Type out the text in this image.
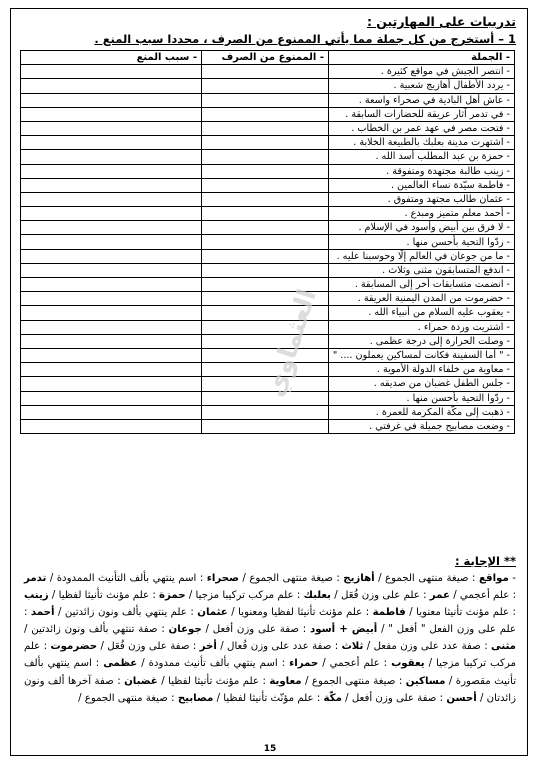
تدريبات على المهارتين :
1 – أستخرج من كل جملة مما يأتي الممنوع من الصرف ، محددا سبب المنع .
- الجملة	- الممنوع من الصرف	- سبب المنع
- انتصر الجيش في مواقع كثيرة .		
- يردد الأطفال أهازيج شعبية .		
- عاش أهل البادية في صحراء واسعة .		
- في تدمر آثار عريقة للحضارات السابقة .		
- فتحت مصر في عهد عمر بن الخطاب .		
- اشتهرت مدينة بعلبك بالطبيعة الخلابة .		
- حمزة بن عبد المطلب أسد الله .		
- زينب طالبة مجتهدة ومتفوقة .		
- فاطمة سيّدة نساء العالمين .		
- عثمان طالب مجتهد ومتفوق .		
- أحمد معلم متميز ومبدع .		
- لا فرق بين أبيض وأسود في الإسلام .		
- ردّوا التحية بأحسن منها .		
- ما من جوعان في العالم إلّا وحوسبنا عليه .		
- اندفع المتسابقون مثنى وثلاث .		
- انضمت متسابقات أخر إلى المسابقة .		
- حضرموت من المدن اليمنية العريقة .		
- يعقوب عليه السلام من أنبياء الله .		
- اشتريت وردة حمراء .		
- وصلت الحرارة إلى درجة عظمى .		
- " أما السفينة فكانت لمساكين يعملون .... "		
- معاوية من خلفاء الدولة الأموية .		
- جلس الطفل غضبان من صديقه .		
- ردّوا التحية بأحسن منها .		
- ذهبت إلى مكّة المكرمة للعمرة .		
- وضعت مصابيح جميلة في غرفتي .		
العثماوي
** الإجابة :
- مواقع : صيغة منتهى الجموع / أهازيج : صيغة منتهى الجموع / صحراء : اسم ينتهي بألف التأنيث الممدودة / تدمر : علم أعجمي / عمر : علم على وزن فُعَل / بعلبك : علم مركب تركيبا مزجيا / حمزة : علم مؤنث تأنيثا لفظيا / زينب : علم مؤنث تأنيثا معنويا / فاطمة : علم مؤنث تأنيثا لفظيا ومعنويا / عثمان : علم ينتهي بألف ونون زائدتين / أحمد : علم على وزن الفعل " أفعل " / أبيض + أسود : صفة على وزن أفعل / جوعان : صفة تنتهي بألف ونون زائدتين / مثنى : صفة عدد على وزن مفعل / ثلاث : صفة عدد على وزن فُعال / أخر : صفة على وزن فُعَل / حضرموت : علم مركب تركيبا مزجيا / يعقوب : علم أعجمي / حمراء : اسم ينتهي بألف تأنيث ممدودة / عظمى : اسم ينتهي بألف تأنيث مقصورة / مساكين : صيغة منتهى الجموع / معاوية : علم مؤنث تأنيثا لفظيا / غضبان : صفة آخرها ألف ونون زائدتان / أحسن : صفة على وزن أفعل / مكّة : علم مؤنّث تأنيثا لفظيا / مصابيح : صيغة منتهى الجموع /
15
